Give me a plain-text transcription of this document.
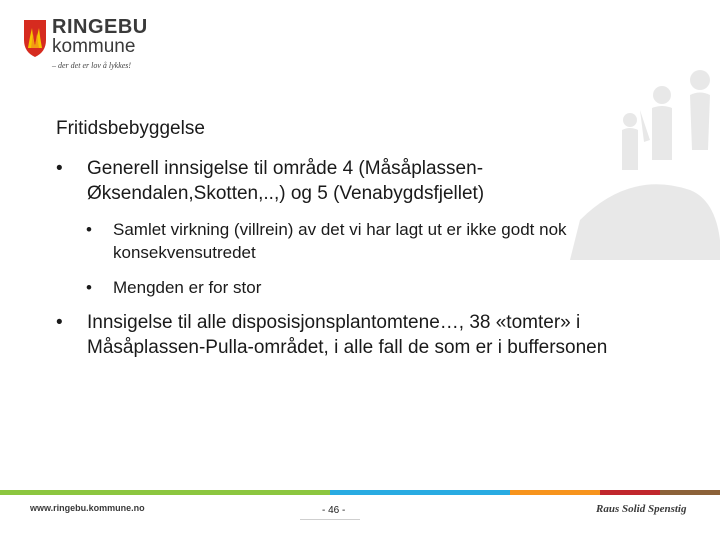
RINGEBU
kommune
– der det er lov å lykkes!
Fritidsbebyggelse
•	Generell innsigelse til område 4 (Måsåplassen-Øksendalen,Skotten,..,) og 5 (Venabygdsfjellet)
•	Samlet virkning (villrein) av det vi har lagt ut er ikke godt nok konsekvensutredet
•	Mengden er for stor
•	Innsigelse til alle disposisjonsplantomtene…, 38 «tomter» i Måsåplassen-Pulla-området, i alle fall de som er i buffersonen
www.ringebu.kommune.no	- 46 -	Raus Solid Spenstig
